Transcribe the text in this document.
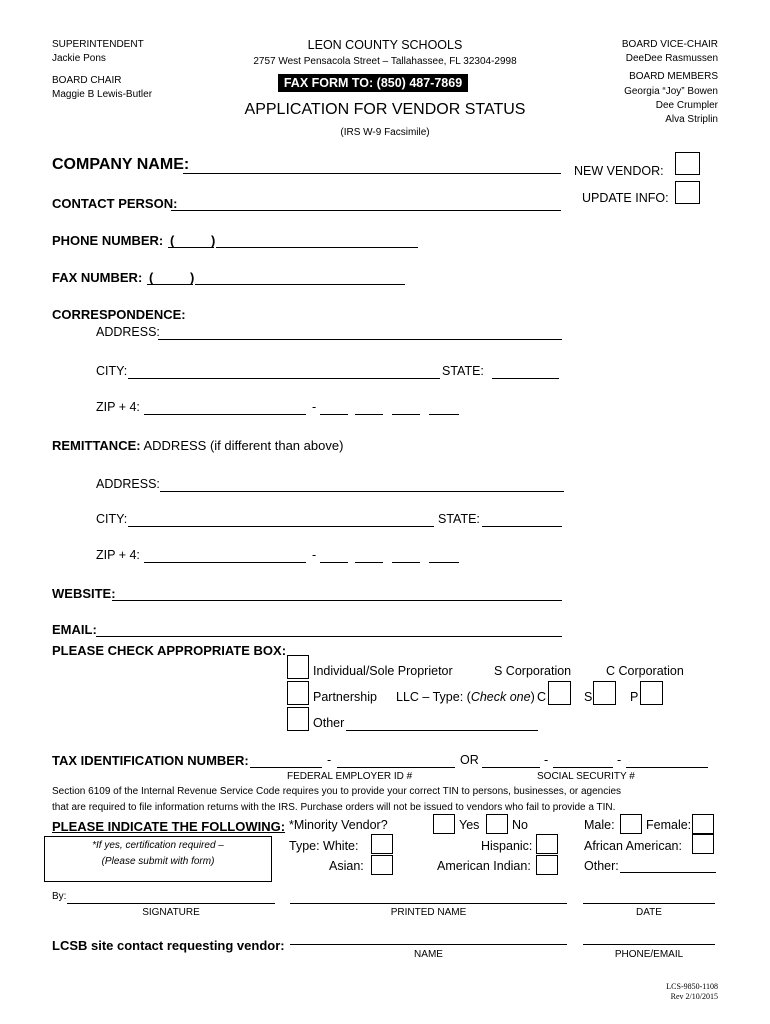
SUPERINTENDENT
Jackie Pons
BOARD CHAIR
Maggie B Lewis-Butler
LEON COUNTY SCHOOLS
2757 West Pensacola Street – Tallahassee, FL 32304-2998
FAX FORM TO: (850) 487-7869
APPLICATION FOR VENDOR STATUS
(IRS W-9 Facsimile)
BOARD VICE-CHAIR
DeeDee Rasmussen
BOARD MEMBERS
Georgia “Joy” Bowen
Dee Crumpler
Alva Striplin
COMPANY NAME:
CONTACT PERSON:
NEW VENDOR:
UPDATE INFO:
PHONE NUMBER: (	)
FAX NUMBER: (	)
CORRESPONDENCE:
ADDRESS:
CITY:	STATE:
ZIP + 4:	-
REMITTANCE: ADDRESS (if different than above)
ADDRESS:
CITY:	STATE:
ZIP + 4:	-
WEBSITE:
EMAIL:
PLEASE CHECK APPROPRIATE BOX:
Individual/Sole Proprietor	S Corporation	C Corporation
Partnership LLC – Type: (Check one) C	S	P
Other
TAX IDENTIFICATION NUMBER:	-	OR	-	-
FEDERAL EMPLOYER ID #	SOCIAL SECURITY #
Section 6109 of the Internal Revenue Service Code requires you to provide your correct TIN to persons, businesses, or agencies
that are required to file information returns with the IRS. Purchase orders will not be issued to vendors who fail to provide a TIN.
PLEASE INDICATE THE FOLLOWING: *Minority Vendor?	Yes	No	Male:	Female:
*If yes, certification required –
(Please submit with form)
Type: White:	Hispanic:	African American:
Asian:	American Indian:	Other:
By:
SIGNATURE	PRINTED NAME	DATE
LCSB site contact requesting vendor:
NAME	PHONE/EMAIL
LCS-9850-1108
Rev 2/10/2015
